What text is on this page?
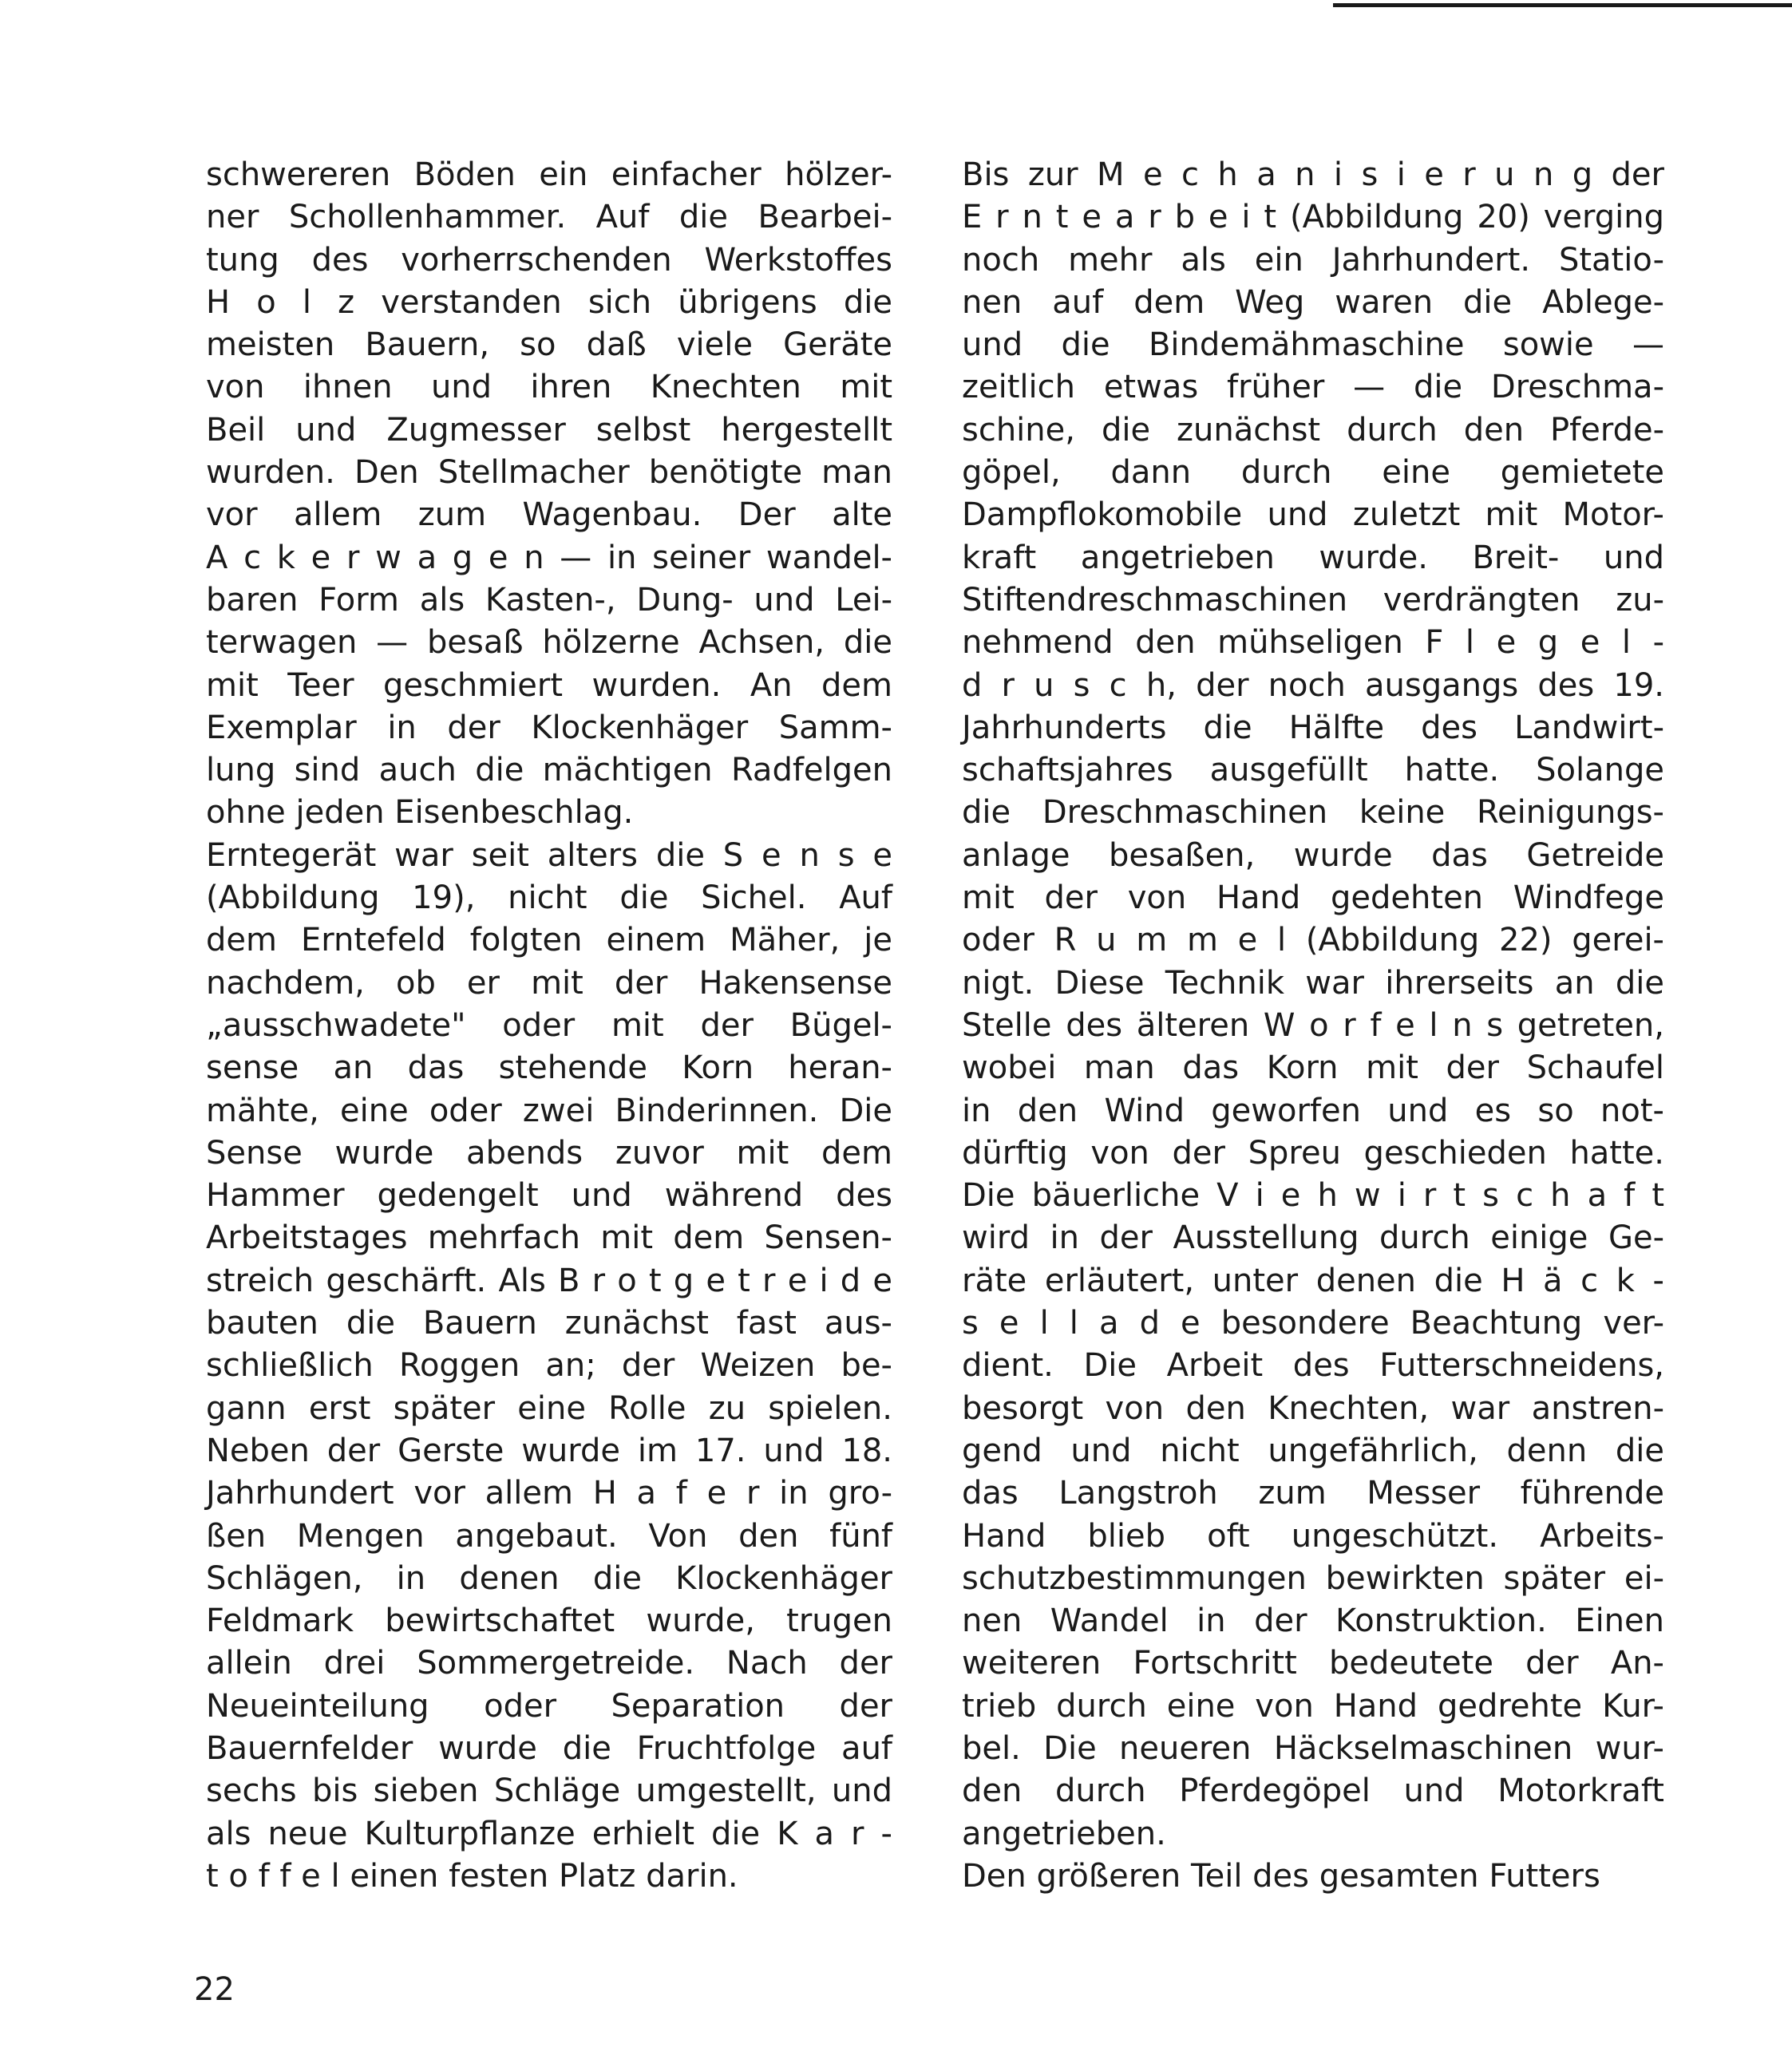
schwereren Böden ein einfacher hölzer-
ner Schollenhammer. Auf die Bearbei-
tung des vorherrschenden Werkstoffes
H o l z verstanden sich übrigens die
meisten Bauern, so daß viele Geräte
von ihnen und ihren Knechten mit
Beil und Zugmesser selbst hergestellt
wurden. Den Stellmacher benötigte man
vor allem zum Wagenbau. Der alte
A c k e r w a g e n — in seiner wandel-
baren Form als Kasten-, Dung- und Lei-
terwagen — besaß hölzerne Achsen, die
mit Teer geschmiert wurden. An dem
Exemplar in der Klockenhäger Samm-
lung sind auch die mächtigen Radfelgen
ohne jeden Eisenbeschlag.
Erntegerät war seit alters die S e n s e
(Abbildung 19), nicht die Sichel. Auf
dem Erntefeld folgten einem Mäher, je
nachdem, ob er mit der Hakensense
„ausschwadete" oder mit der Bügel-
sense an das stehende Korn heran-
mähte, eine oder zwei Binderinnen. Die
Sense wurde abends zuvor mit dem
Hammer gedengelt und während des
Arbeitstages mehrfach mit dem Sensen-
streich geschärft. Als B r o t g e t r e i d e
bauten die Bauern zunächst fast aus-
schließlich Roggen an; der Weizen be-
gann erst später eine Rolle zu spielen.
Neben der Gerste wurde im 17. und 18.
Jahrhundert vor allem H a f e r in gro-
ßen Mengen angebaut. Von den fünf
Schlägen, in denen die Klockenhäger
Feldmark bewirtschaftet wurde, trugen
allein drei Sommergetreide. Nach der
Neueinteilung oder Separation der
Bauernfelder wurde die Fruchtfolge auf
sechs bis sieben Schläge umgestellt, und
als neue Kulturpflanze erhielt die K a r -
t o f f e l einen festen Platz darin.
Bis zur M e c h a n i s i e r u n g der
E r n t e a r b e i t (Abbildung 20) verging
noch mehr als ein Jahrhundert. Statio-
nen auf dem Weg waren die Ablege-
und die Bindemähmaschine sowie —
zeitlich etwas früher — die Dreschma-
schine, die zunächst durch den Pferde-
göpel, dann durch eine gemietete
Dampflokomobile und zuletzt mit Motor-
kraft angetrieben wurde. Breit- und
Stiftendreschmaschinen verdrängten zu-
nehmend den mühseligen F l e g e l -
d r u s c h, der noch ausgangs des 19.
Jahrhunderts die Hälfte des Landwirt-
schaftsjahres ausgefüllt hatte. Solange
die Dreschmaschinen keine Reinigungs-
anlage besaßen, wurde das Getreide
mit der von Hand gedehten Windfege
oder R u m m e l (Abbildung 22) gerei-
nigt. Diese Technik war ihrerseits an die
Stelle des älteren W o r f e l n s getreten,
wobei man das Korn mit der Schaufel
in den Wind geworfen und es so not-
dürftig von der Spreu geschieden hatte.
Die bäuerliche V i e h w i r t s c h a f t
wird in der Ausstellung durch einige Ge-
räte erläutert, unter denen die H ä c k -
s e l l a d e besondere Beachtung ver-
dient. Die Arbeit des Futterschneidens,
besorgt von den Knechten, war anstren-
gend und nicht ungefährlich, denn die
das Langstroh zum Messer führende
Hand blieb oft ungeschützt. Arbeits-
schutzbestimmungen bewirkten später ei-
nen Wandel in der Konstruktion. Einen
weiteren Fortschritt bedeutete der An-
trieb durch eine von Hand gedrehte Kur-
bel. Die neueren Häckselmaschinen wur-
den durch Pferdegöpel und Motorkraft
angetrieben.
Den größeren Teil des gesamten Futters
22
